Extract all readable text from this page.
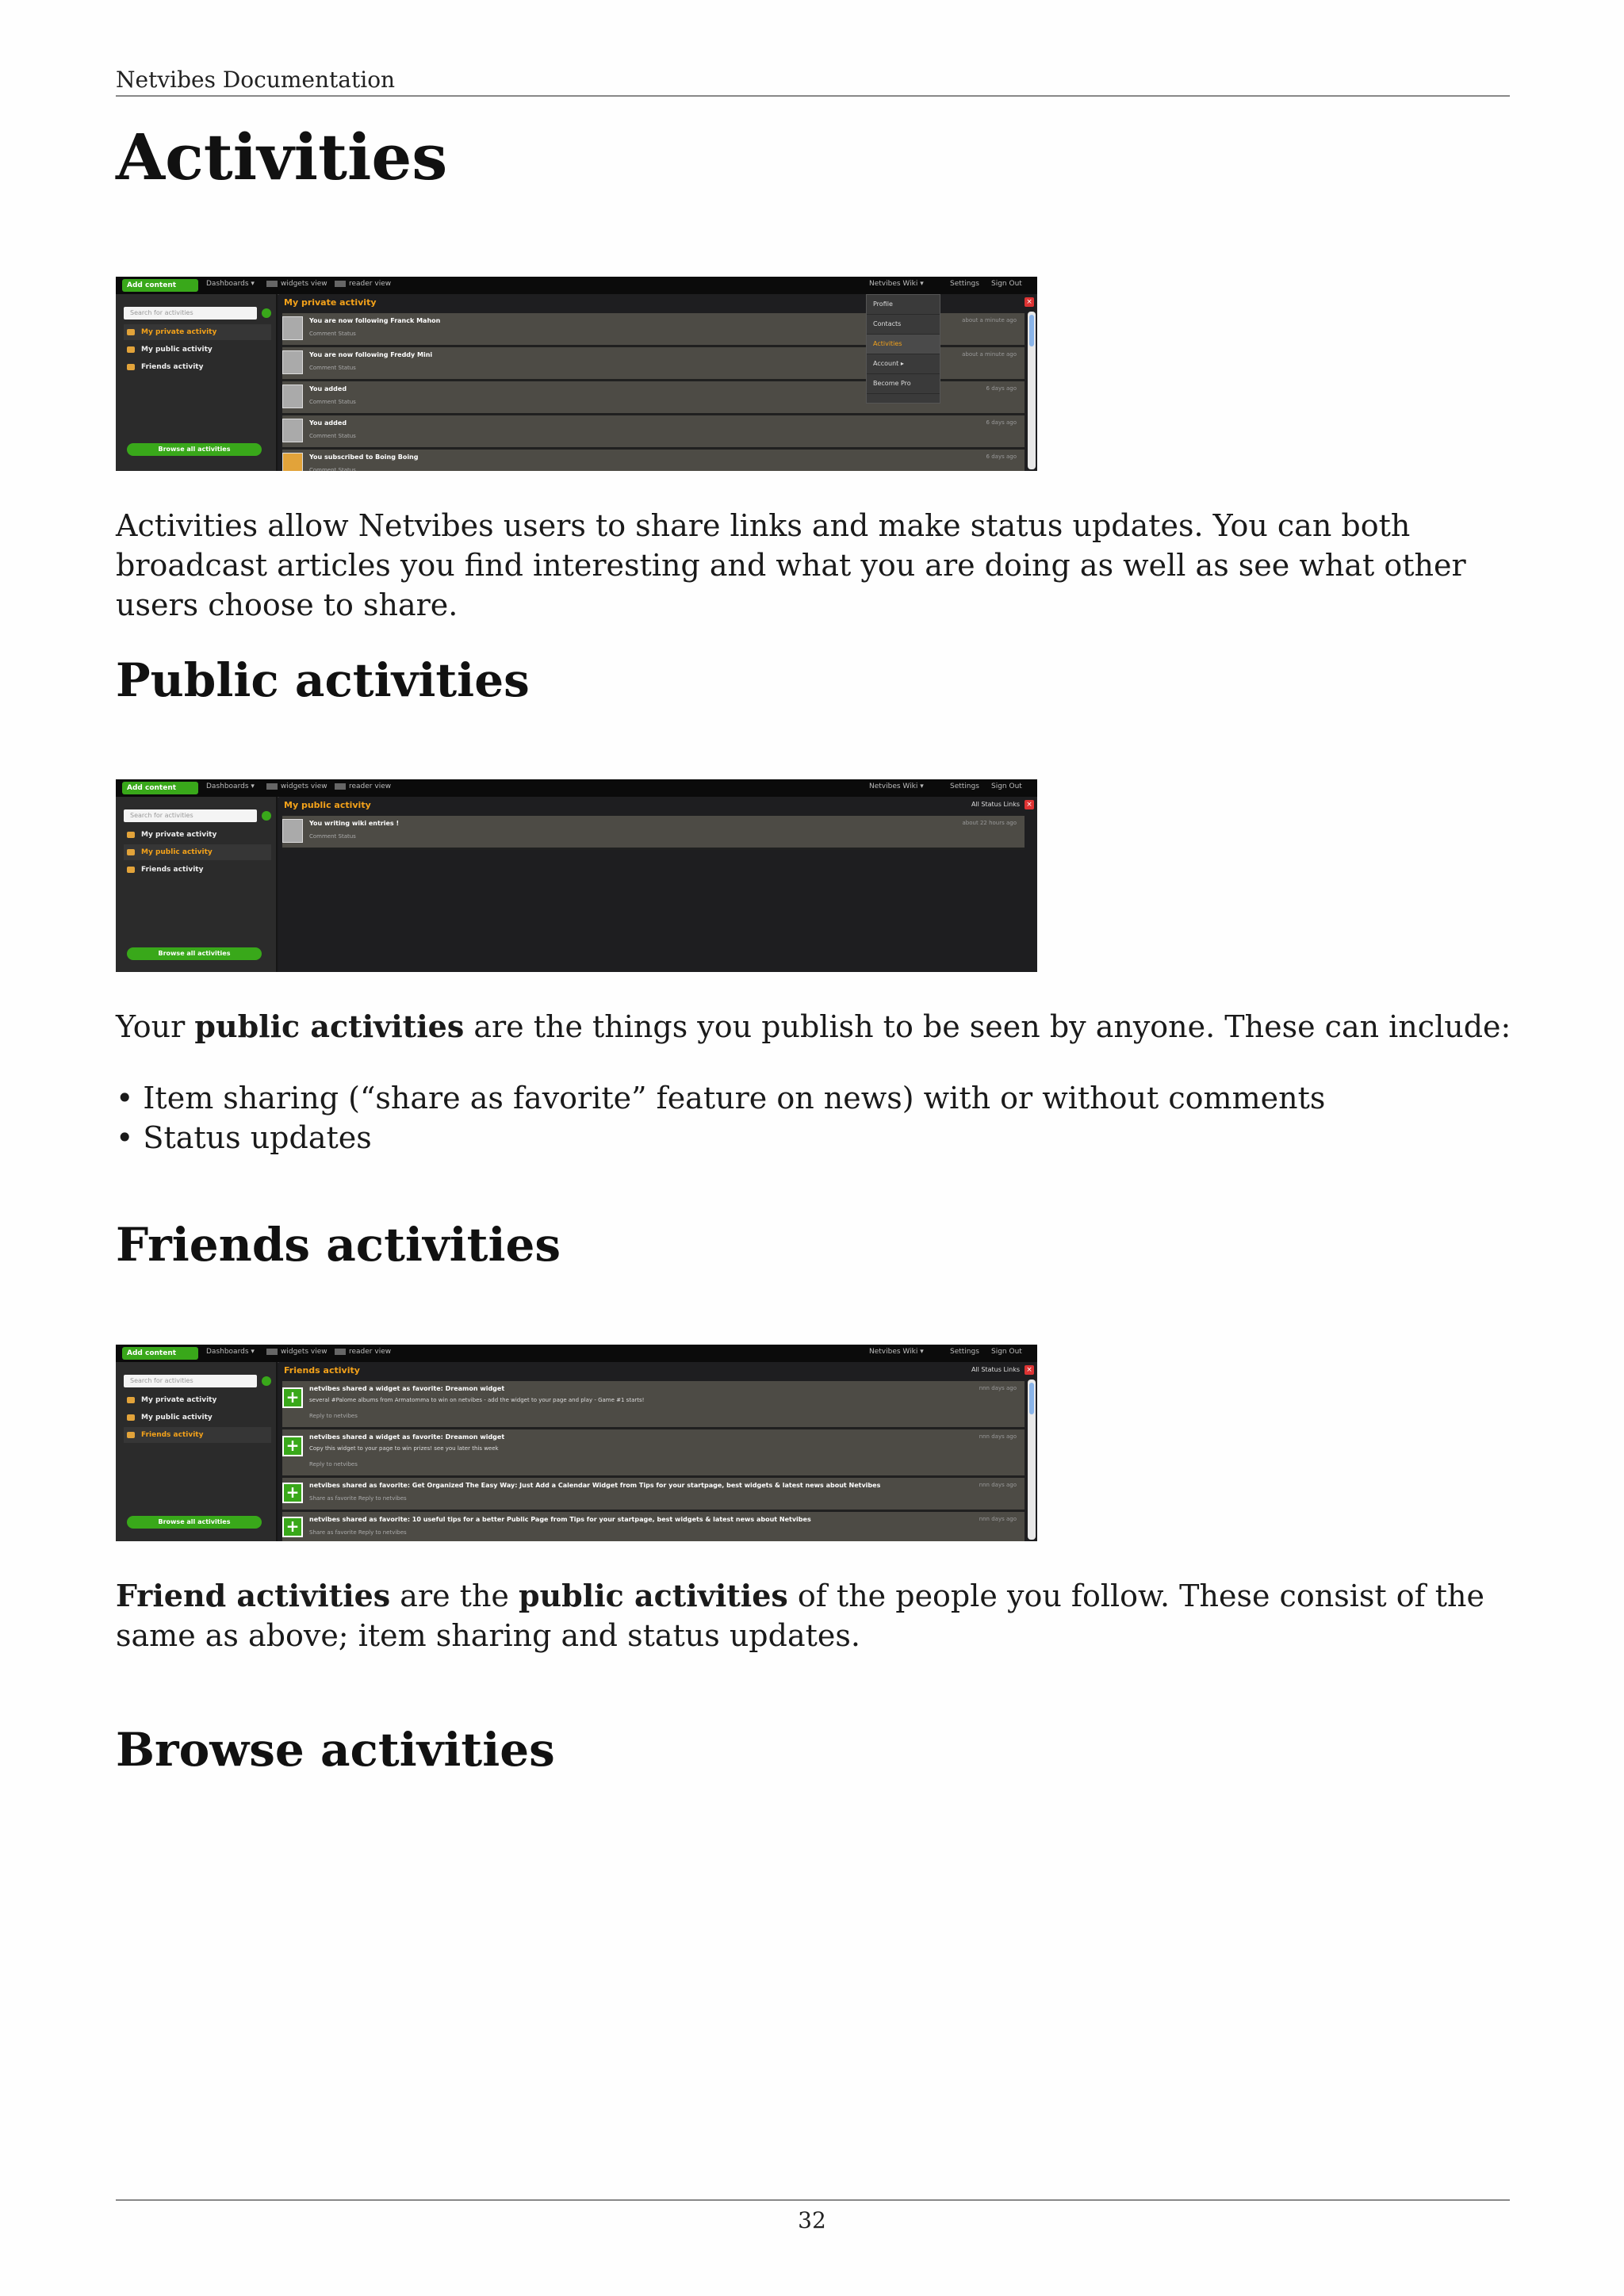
Netvibes Documentation
Activities
Add content	Dashboards ▾	widgets view	reader view	Netvibes Wiki ▾	Settings Sign Out
Search for activities
My private activity
My public activity
Friends activity
Browse all activities
My private activity	×
You are now following Franck Mahon
Comment Status
about a minute ago
You are now following Freddy Mini
Comment Status
about a minute ago
You added
Comment Status
6 days ago
You added
Comment Status
6 days ago
You subscribed to Boing Boing
Comment Status
6 days ago
Profile
Contacts
Activities
Account ▸
Become Pro

Activities allow Netvibes users to share links and make status updates. You can both broadcast articles you find interesting and what you are doing as well as see what other users choose to share.

Public activities
Add content	Dashboards ▾	widgets view	reader view	Netvibes Wiki ▾	Settings Sign Out
Search for activities
My private activity
My public activity
Friends activity
Browse all activities
My public activity	All Status Links ×
You writing wiki entries !
Comment Status
about 22 hours ago

Your public activities are the things you publish to be seen by anyone. These can include:

• Item sharing (“share as favorite” feature on news) with or without comments
• Status updates
Friends activities
Add content	Dashboards ▾	widgets view	reader view	Netvibes Wiki ▾	Settings Sign Out
Search for activities
My private activity
My public activity
Friends activity
Browse all activities
Friends activity	All Status Links ×
+	netvibes shared a widget as favorite: Dreamon widget
several #Palome albums from Armatomma to win on netvibes - add the widget to your page and play - Game #1 starts!
Reply to netvibes
nnn days ago
+	netvibes shared a widget as favorite: Dreamon widget
Copy this widget to your page to win prizes! see you later this week
Reply to netvibes
nnn days ago
+	netvibes shared as favorite: Get Organized The Easy Way: Just Add a Calendar Widget from Tips for your startpage, best widgets & latest news about Netvibes
Share as favorite Reply to netvibes
nnn days ago
+	netvibes shared as favorite: 10 useful tips for a better Public Page from Tips for your startpage, best widgets & latest news about Netvibes
Share as favorite Reply to netvibes
nnn days ago

Friend activities are the public activities of the people you follow. These consist of the same as above; item sharing and status updates.

Browse activities
32
